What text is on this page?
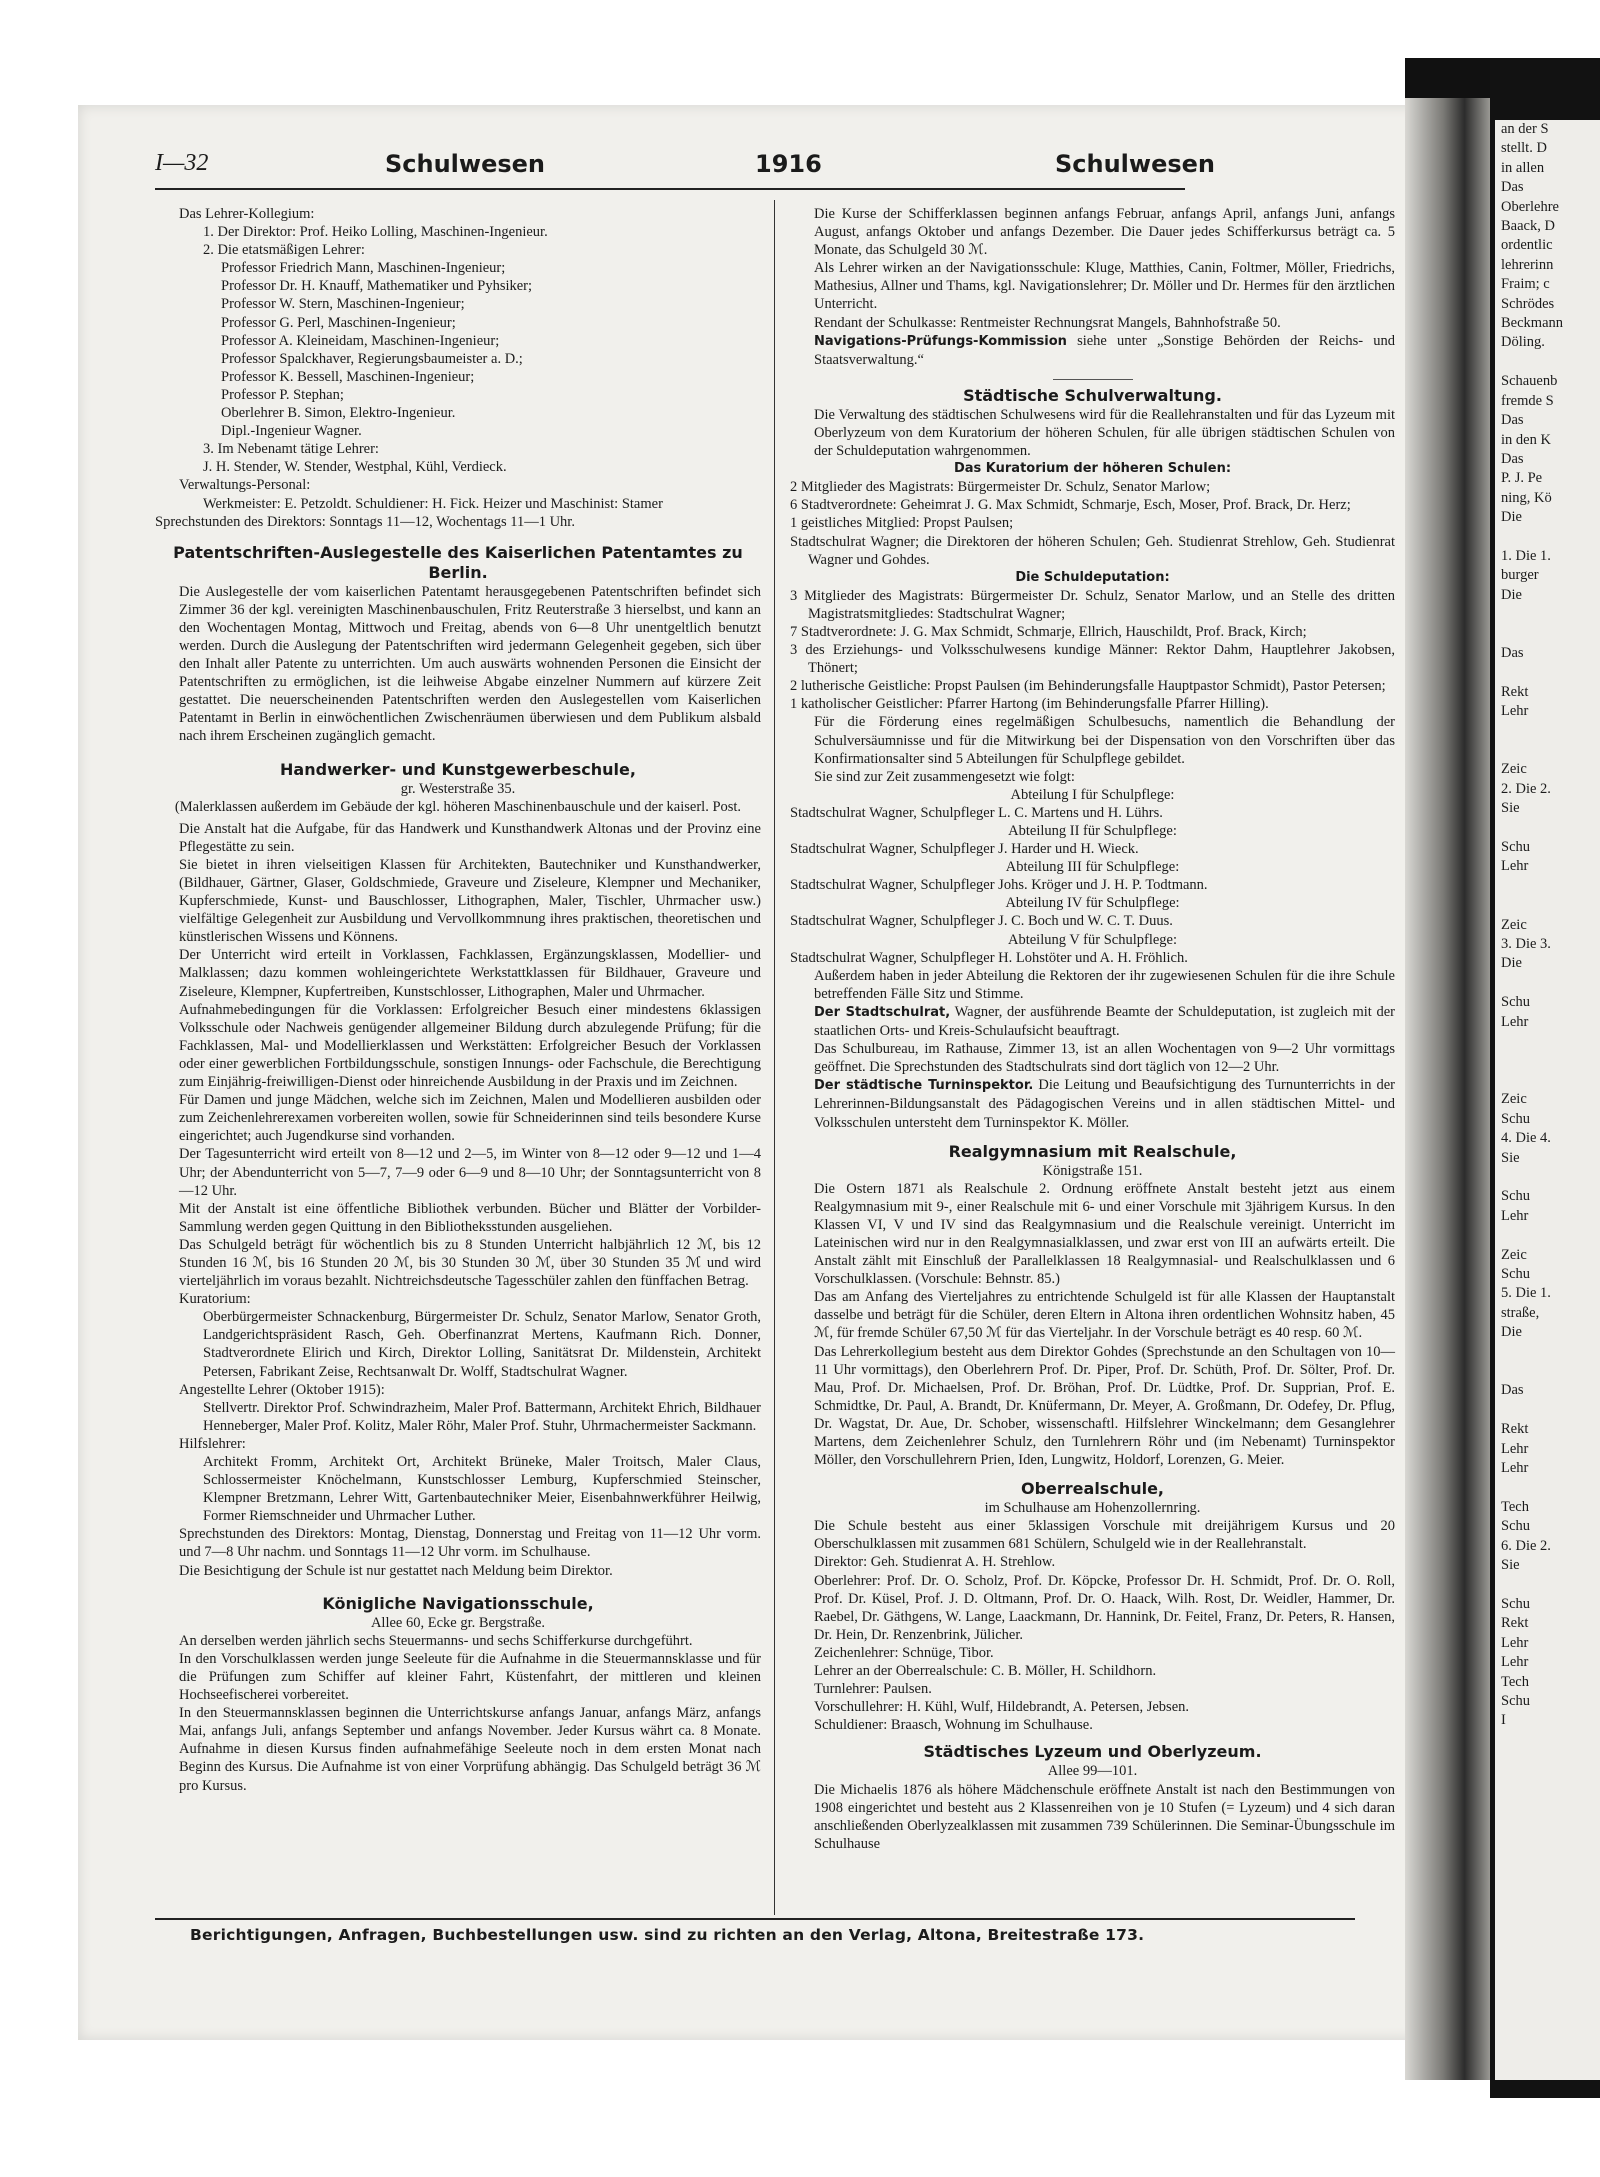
an der S
stellt. D
in allen
Das
Oberlehre
Baack, D
ordentlic
lehrerinn
Fraim; c
Schrödes
Beckmann
Döling.

Schauenb
fremde S
Das
in den K
Das
P. J. Pe
ning, Kö
Die

1. Die 1.
burger
Die

Das

Rekt
Lehr

Zeic
2. Die 2.
Sie

Schu
Lehr

Zeic
3. Die 3.
Die

Schu
Lehr

Zeic
Schu
4. Die 4.
Sie

Schu
Lehr

Zeic
Schu
5. Die 1.
straße,
Die

Das

Rekt
Lehr
Lehr

Tech
Schu
6. Die 2.
Sie

Schu
Rekt
Lehr
Lehr
Tech
Schu
I
I—32	Schulwesen	1916	Schulwesen

Das Lehrer-Kollegium:

1. Der Direktor: Prof. Heiko Lolling, Maschinen-Ingenieur.

2. Die etatsmäßigen Lehrer:

Professor Friedrich Mann, Maschinen-Ingenieur;

Professor Dr. H. Knauff, Mathematiker und Pyhsiker;

Professor W. Stern, Maschinen-Ingenieur;

Professor G. Perl, Maschinen-Ingenieur;

Professor A. Kleineidam, Maschinen-Ingenieur;

Professor Spalckhaver, Regierungsbaumeister a. D.;

Professor K. Bessell, Maschinen-Ingenieur;

Professor P. Stephan;

Oberlehrer B. Simon, Elektro-Ingenieur.

Dipl.-Ingenieur Wagner.

3. Im Nebenamt tätige Lehrer:

J. H. Stender, W. Stender, Westphal, Kühl, Verdieck.

Verwaltungs-Personal:

Werkmeister: E. Petzoldt. Schuldiener: H. Fick. Heizer und Maschinist: Stamer

Sprechstunden des Direktors: Sonntags 11—12, Wochentags 11—1 Uhr.

Patentschriften-Auslegestelle des Kaiserlichen Patentamtes zu Berlin.

Die Auslegestelle der vom kaiserlichen Patentamt herausgegebenen Patentschriften befindet sich Zimmer 36 der kgl. vereinigten Maschinenbauschulen, Fritz Reuterstraße 3 hierselbst, und kann an den Wochentagen Montag, Mittwoch und Freitag, abends von 6—8 Uhr unentgeltlich benutzt werden. Durch die Auslegung der Patentschriften wird jedermann Gelegenheit gegeben, sich über den Inhalt aller Patente zu unterrichten. Um auch auswärts wohnenden Personen die Einsicht der Patentschriften zu ermöglichen, ist die leihweise Abgabe einzelner Nummern auf kürzere Zeit gestattet. Die neuerscheinenden Patentschriften werden den Auslegestellen vom Kaiserlichen Patentamt in Berlin in einwöchentlichen Zwischenräumen überwiesen und dem Publikum alsbald nach ihrem Erscheinen zugänglich gemacht.

Handwerker- und Kunstgewerbeschule,

gr. Westerstraße 35.

(Malerklassen außerdem im Gebäude der kgl. höheren Maschinenbauschule und der kaiserl. Post.

Die Anstalt hat die Aufgabe, für das Handwerk und Kunsthandwerk Altonas und der Provinz eine Pflegestätte zu sein.

Sie bietet in ihren vielseitigen Klassen für Architekten, Bautechniker und Kunsthandwerker, (Bildhauer, Gärtner, Glaser, Goldschmiede, Graveure und Ziseleure, Klempner und Mechaniker, Kupferschmiede, Kunst- und Bauschlosser, Lithographen, Maler, Tischler, Uhrmacher usw.) vielfältige Gelegenheit zur Ausbildung und Vervollkommnung ihres praktischen, theoretischen und künstlerischen Wissens und Könnens.

Der Unterricht wird erteilt in Vorklassen, Fachklassen, Ergänzungsklassen, Modellier- und Malklassen; dazu kommen wohleingerichtete Werkstattklassen für Bildhauer, Graveure und Ziseleure, Klempner, Kupfertreiben, Kunstschlosser, Lithographen, Maler und Uhrmacher.

Aufnahmebedingungen für die Vorklassen: Erfolgreicher Besuch einer mindestens 6klassigen Volksschule oder Nachweis genügender allgemeiner Bildung durch abzulegende Prüfung; für die Fachklassen, Mal- und Modellierklassen und Werkstätten: Erfolgreicher Besuch der Vorklassen oder einer gewerblichen Fortbildungsschule, sonstigen Innungs- oder Fachschule, die Berechtigung zum Einjährig-freiwilligen-Dienst oder hinreichende Ausbildung in der Praxis und im Zeichnen.

Für Damen und junge Mädchen, welche sich im Zeichnen, Malen und Modellieren ausbilden oder zum Zeichenlehrerexamen vorbereiten wollen, sowie für Schneiderinnen sind teils besondere Kurse eingerichtet; auch Jugendkurse sind vorhanden.

Der Tagesunterricht wird erteilt von 8—12 und 2—5, im Winter von 8—12 oder 9—12 und 1—4 Uhr; der Abendunterricht von 5—7, 7—9 oder 6—9 und 8—10 Uhr; der Sonntagsunterricht von 8—12 Uhr.

Mit der Anstalt ist eine öffentliche Bibliothek verbunden. Bücher und Blätter der Vorbilder-Sammlung werden gegen Quittung in den Bibliotheksstunden ausgeliehen.

Das Schulgeld beträgt für wöchentlich bis zu 8 Stunden Unterricht halbjährlich 12 ℳ, bis 12 Stunden 16 ℳ, bis 16 Stunden 20 ℳ, bis 30 Stunden 30 ℳ, über 30 Stunden 35 ℳ und wird vierteljährlich im voraus bezahlt. Nichtreichsdeutsche Tagesschüler zahlen den fünffachen Betrag.

Kuratorium:

Oberbürgermeister Schnackenburg, Bürgermeister Dr. Schulz, Senator Marlow, Senator Groth, Landgerichtspräsident Rasch, Geh. Oberfinanzrat Mertens, Kaufmann Rich. Donner, Stadtverordnete Elirich und Kirch, Direktor Lolling, Sanitätsrat Dr. Mildenstein, Architekt Petersen, Fabrikant Zeise, Rechtsanwalt Dr. Wolff, Stadtschulrat Wagner.

Angestellte Lehrer (Oktober 1915):

Stellvertr. Direktor Prof. Schwindrazheim, Maler Prof. Battermann, Architekt Ehrich, Bildhauer Henneberger, Maler Prof. Kolitz, Maler Röhr, Maler Prof. Stuhr, Uhrmachermeister Sackmann.

Hilfslehrer:

Architekt Fromm, Architekt Ort, Architekt Brüneke, Maler Troitsch, Maler Claus, Schlossermeister Knöchelmann, Kunstschlosser Lemburg, Kupferschmied Steinscher, Klempner Bretzmann, Lehrer Witt, Gartenbautechniker Meier, Eisenbahnwerkführer Heilwig, Former Riemschneider und Uhrmacher Luther.

Sprechstunden des Direktors: Montag, Dienstag, Donnerstag und Freitag von 11—12 Uhr vorm. und 7—8 Uhr nachm. und Sonntags 11—12 Uhr vorm. im Schulhause.

Die Besichtigung der Schule ist nur gestattet nach Meldung beim Direktor.

Königliche Navigationsschule,

Allee 60, Ecke gr. Bergstraße.

An derselben werden jährlich sechs Steuermanns- und sechs Schifferkurse durchgeführt.

In den Vorschulklassen werden junge Seeleute für die Aufnahme in die Steuermannsklasse und für die Prüfungen zum Schiffer auf kleiner Fahrt, Küstenfahrt, der mittleren und kleinen Hochseefischerei vorbereitet.

In den Steuermannsklassen beginnen die Unterrichtskurse anfangs Januar, anfangs März, anfangs Mai, anfangs Juli, anfangs September und anfangs November. Jeder Kursus währt ca. 8 Monate. Aufnahme in diesen Kursus finden aufnahmefähige Seeleute noch in dem ersten Monat nach Beginn des Kursus. Die Aufnahme ist von einer Vorprüfung abhängig. Das Schulgeld beträgt 36 ℳ pro Kursus.

Die Kurse der Schifferklassen beginnen anfangs Februar, anfangs April, anfangs Juni, anfangs August, anfangs Oktober und anfangs Dezember. Die Dauer jedes Schifferkursus beträgt ca. 5 Monate, das Schulgeld 30 ℳ.

Als Lehrer wirken an der Navigationsschule: Kluge, Matthies, Canin, Foltmer, Möller, Friedrichs, Mathesius, Allner und Thams, kgl. Navigationslehrer; Dr. Möller und Dr. Hermes für den ärztlichen Unterricht.

Rendant der Schulkasse: Rentmeister Rechnungsrat Mangels, Bahnhofstraße 50.

Navigations-Prüfungs-Kommission siehe unter „Sonstige Behörden der Reichs- und Staatsverwaltung.“

Städtische Schulverwaltung.

Die Verwaltung des städtischen Schulwesens wird für die Reallehranstalten und für das Lyzeum mit Oberlyzeum von dem Kuratorium der höheren Schulen, für alle übrigen städtischen Schulen von der Schuldeputation wahrgenommen.

Das Kuratorium der höheren Schulen:

2 Mitglieder des Magistrats: Bürgermeister Dr. Schulz, Senator Marlow;

6 Stadtverordnete: Geheimrat J. G. Max Schmidt, Schmarje, Esch, Moser, Prof. Brack, Dr. Herz;

1 geistliches Mitglied: Propst Paulsen;

Stadtschulrat Wagner; die Direktoren der höheren Schulen; Geh. Studienrat Strehlow, Geh. Studienrat Wagner und Gohdes.

Die Schuldeputation:

3 Mitglieder des Magistrats: Bürgermeister Dr. Schulz, Senator Marlow, und an Stelle des dritten Magistratsmitgliedes: Stadtschulrat Wagner;

7 Stadtverordnete: J. G. Max Schmidt, Schmarje, Ellrich, Hauschildt, Prof. Brack, Kirch;

3 des Erziehungs- und Volksschulwesens kundige Männer: Rektor Dahm, Hauptlehrer Jakobsen, Thönert;

2 lutherische Geistliche: Propst Paulsen (im Behinderungsfalle Hauptpastor Schmidt), Pastor Petersen;

1 katholischer Geistlicher: Pfarrer Hartong (im Behinderungsfalle Pfarrer Hilling).

Für die Förderung eines regelmäßigen Schulbesuchs, namentlich die Behandlung der Schulversäumnisse und für die Mitwirkung bei der Dispensation von den Vorschriften über das Konfirmationsalter sind 5 Abteilungen für Schulpflege gebildet.

Sie sind zur Zeit zusammengesetzt wie folgt:

Abteilung I für Schulpflege:

Stadtschulrat Wagner, Schulpfleger L. C. Martens und H. Lührs.

Abteilung II für Schulpflege:

Stadtschulrat Wagner, Schulpfleger J. Harder und H. Wieck.

Abteilung III für Schulpflege:

Stadtschulrat Wagner, Schulpfleger Johs. Kröger und J. H. P. Todtmann.

Abteilung IV für Schulpflege:

Stadtschulrat Wagner, Schulpfleger J. C. Boch und W. C. T. Duus.

Abteilung V für Schulpflege:

Stadtschulrat Wagner, Schulpfleger H. Lohstöter und A. H. Fröhlich.

Außerdem haben in jeder Abteilung die Rektoren der ihr zugewiesenen Schulen für die ihre Schule betreffenden Fälle Sitz und Stimme.

Der Stadtschulrat, Wagner, der ausführende Beamte der Schuldeputation, ist zugleich mit der staatlichen Orts- und Kreis-Schulaufsicht beauftragt.

Das Schulbureau, im Rathause, Zimmer 13, ist an allen Wochentagen von 9—2 Uhr vormittags geöffnet. Die Sprechstunden des Stadtschulrats sind dort täglich von 12—2 Uhr.

Der städtische Turninspektor. Die Leitung und Beaufsichtigung des Turnunterrichts in der Lehrerinnen-Bildungsanstalt des Pädagogischen Vereins und in allen städtischen Mittel- und Volksschulen untersteht dem Turninspektor K. Möller.

Realgymnasium mit Realschule,

Königstraße 151.

Die Ostern 1871 als Realschule 2. Ordnung eröffnete Anstalt besteht jetzt aus einem Realgymnasium mit 9-, einer Realschule mit 6- und einer Vorschule mit 3jährigem Kursus. In den Klassen VI, V und IV sind das Realgymnasium und die Realschule vereinigt. Unterricht im Lateinischen wird nur in den Realgymnasialklassen, und zwar erst von III an aufwärts erteilt. Die Anstalt zählt mit Einschluß der Parallelklassen 18 Realgymnasial- und Realschulklassen und 6 Vorschulklassen. (Vorschule: Behnstr. 85.)

Das am Anfang des Vierteljahres zu entrichtende Schulgeld ist für alle Klassen der Hauptanstalt dasselbe und beträgt für die Schüler, deren Eltern in Altona ihren ordentlichen Wohnsitz haben, 45 ℳ, für fremde Schüler 67,50 ℳ für das Vierteljahr. In der Vorschule beträgt es 40 resp. 60 ℳ.

Das Lehrerkollegium besteht aus dem Direktor Gohdes (Sprechstunde an den Schultagen von 10—11 Uhr vormittags), den Oberlehrern Prof. Dr. Piper, Prof. Dr. Schüth, Prof. Dr. Sölter, Prof. Dr. Mau, Prof. Dr. Michaelsen, Prof. Dr. Bröhan, Prof. Dr. Lüdtke, Prof. Dr. Supprian, Prof. E. Schmidtke, Dr. Paul, A. Brandt, Dr. Knüfermann, Dr. Meyer, A. Großmann, Dr. Odefey, Dr. Pflug, Dr. Wagstat, Dr. Aue, Dr. Schober, wissenschaftl. Hilfslehrer Winckelmann; dem Gesanglehrer Martens, dem Zeichenlehrer Schulz, den Turnlehrern Röhr und (im Nebenamt) Turninspektor Möller, den Vorschullehrern Prien, Iden, Lungwitz, Holdorf, Lorenzen, G. Meier.

Oberrealschule,

im Schulhause am Hohenzollernring.

Die Schule besteht aus einer 5klassigen Vorschule mit dreijährigem Kursus und 20 Oberschulklassen mit zusammen 681 Schülern, Schulgeld wie in der Reallehranstalt.

Direktor: Geh. Studienrat A. H. Strehlow.

Oberlehrer: Prof. Dr. O. Scholz, Prof. Dr. Köpcke, Professor Dr. H. Schmidt, Prof. Dr. O. Roll, Prof. Dr. Küsel, Prof. J. D. Oltmann, Prof. Dr. O. Haack, Wilh. Rost, Dr. Weidler, Hammer, Dr. Raebel, Dr. Gäthgens, W. Lange, Laackmann, Dr. Hannink, Dr. Feitel, Franz, Dr. Peters, R. Hansen, Dr. Hein, Dr. Renzenbrink, Jülicher.

Zeichenlehrer: Schnüge, Tibor.

Lehrer an der Oberrealschule: C. B. Möller, H. Schildhorn.

Turnlehrer: Paulsen.

Vorschullehrer: H. Kühl, Wulf, Hildebrandt, A. Petersen, Jebsen.

Schuldiener: Braasch, Wohnung im Schulhause.

Städtisches Lyzeum und Oberlyzeum.

Allee 99—101.

Die Michaelis 1876 als höhere Mädchenschule eröffnete Anstalt ist nach den Bestimmungen von 1908 eingerichtet und besteht aus 2 Klassenreihen von je 10 Stufen (= Lyzeum) und 4 sich daran anschließenden Oberlyzealklassen mit zusammen 739 Schülerinnen. Die Seminar-Übungsschule im Schulhause

Berichtigungen, Anfragen, Buchbestellungen usw. sind zu richten an den Verlag, Altona, Breitestraße 173.
